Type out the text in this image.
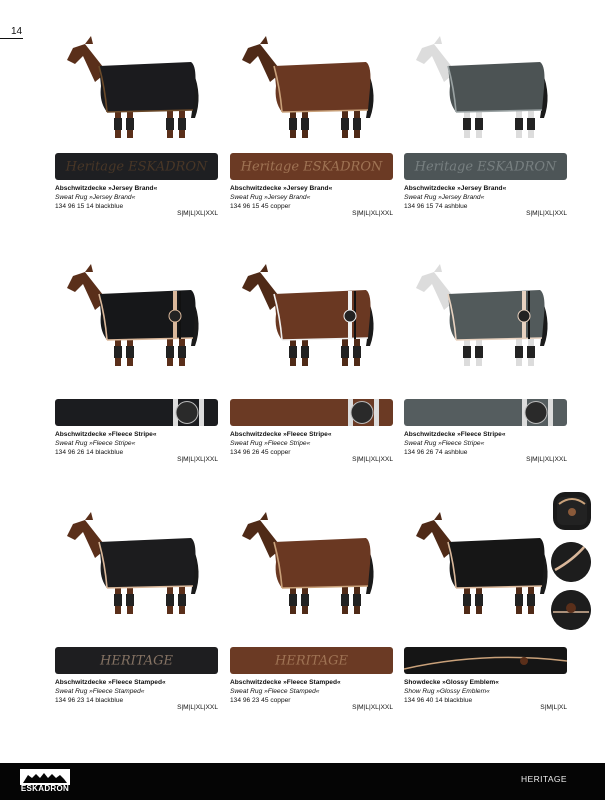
14
Heritage ESKADRON
Abschwitzdecke »Jersey Brand«
Sweat Rug »Jersey Brand«
134 96 15 14 blackblue
S|M|L|XL|XXL
Heritage ESKADRON
Abschwitzdecke »Jersey Brand«
Sweat Rug »Jersey Brand«
134 96 15 45 copper
S|M|L|XL|XXL
Heritage ESKADRON
Abschwitzdecke »Jersey Brand«
Sweat Rug »Jersey Brand«
134 96 15 74 ashblue
S|M|L|XL|XXL
Abschwitzdecke »Fleece Stripe«
Sweat Rug »Fleece Stripe«
134 96 26 14 blackblue
S|M|L|XL|XXL
Abschwitzdecke »Fleece Stripe«
Sweat Rug »Fleece Stripe«
134 96 26 45 copper
S|M|L|XL|XXL
Abschwitzdecke »Fleece Stripe«
Sweat Rug »Fleece Stripe«
134 96 26 74 ashblue
S|M|L|XL|XXL
HERITAGE
Abschwitzdecke »Fleece Stamped«
Sweat Rug »Fleece Stamped«
134 96 23 14 blackblue
S|M|L|XL|XXL
HERITAGE
Abschwitzdecke »Fleece Stamped«
Sweat Rug »Fleece Stamped«
134 96 23 45 copper
S|M|L|XL|XXL
Showdecke »Glossy Emblem«
Show Rug »Glossy Emblem«
134 96 40 14 blackblue
S|M|L|XL
ESKADRON
HERITAGE
